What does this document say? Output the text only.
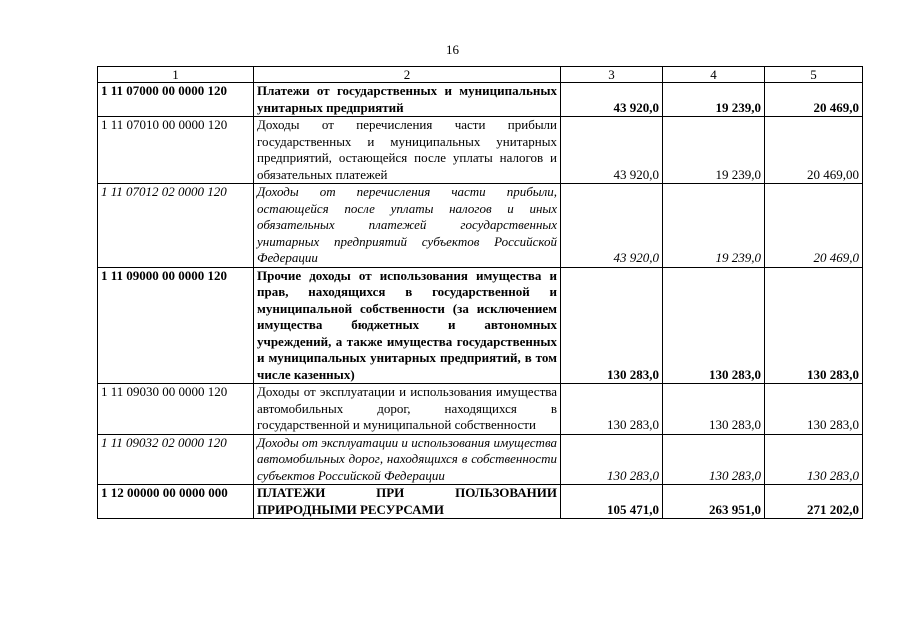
16
1	2	3	4	5
1 11 07000 00 0000 120	Платежи от государственных и муниципальных унитарных предприятий	43 920,0	19 239,0	20 469,0
1 11 07010 00 0000 120	Доходы от перечисления части прибыли государственных и муниципальных унитарных предприятий, остающейся после уплаты налогов и обязательных платежей	43 920,0	19 239,0	20 469,00
1 11 07012 02 0000 120	Доходы от перечисления части прибыли, остающейся после уплаты налогов и иных обязательных платежей государственных унитарных предприятий субъектов Российской Федерации	43 920,0	19 239,0	20 469,0
1 11 09000 00 0000 120	Прочие доходы от использования имущества и прав, находящихся в государственной и муниципальной собственности (за исключением имущества бюджетных и автономных учреждений, а также имущества государственных и муниципальных унитарных предприятий, в том числе казенных)	130 283,0	130 283,0	130 283,0
1 11 09030 00 0000 120	Доходы от эксплуатации и использования имущества автомобильных дорог, находящихся в государственной и муниципальной собственности	130 283,0	130 283,0	130 283,0
1 11 09032 02 0000 120	Доходы от эксплуатации и использования имущества автомобильных дорог, находящихся в собственности субъектов Российской Федерации	130 283,0	130 283,0	130 283,0
1 12 00000 00 0000 000	ПЛАТЕЖИ ПРИ ПОЛЬЗОВАНИИ ПРИРОДНЫМИ РЕСУРСАМИ	105 471,0	263 951,0	271 202,0
